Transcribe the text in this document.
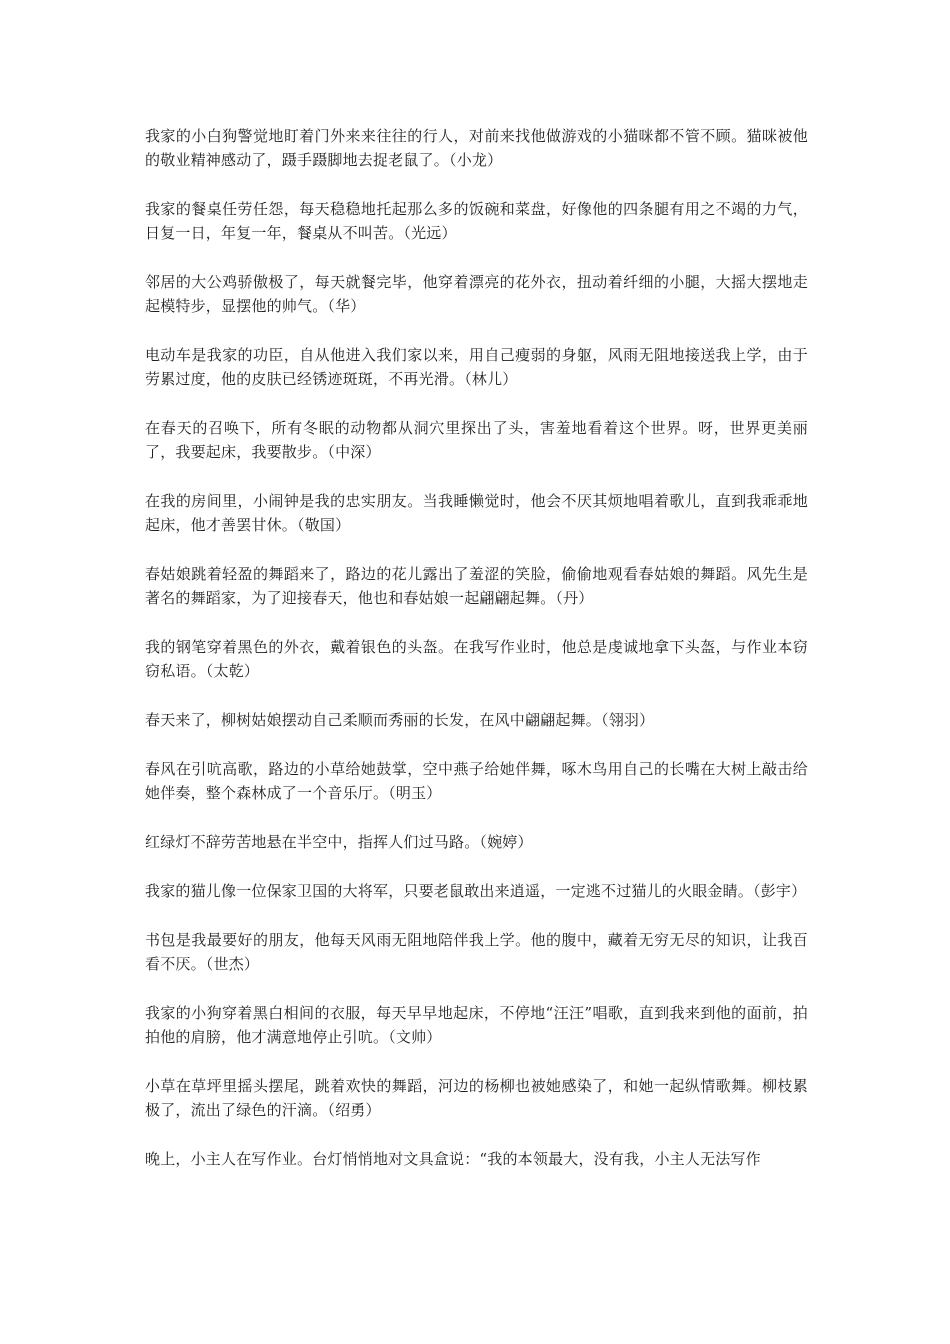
我家的小白狗警觉地盯着门外来来往往的行人，对前来找他做游戏的小猫咪都不管不顾。猫咪被他的敬业精神感动了，蹑手蹑脚地去捉老鼠了。（小龙）

我家的餐桌任劳任怨，每天稳稳地托起那么多的饭碗和菜盘，好像他的四条腿有用之不竭的力气，日复一日，年复一年，餐桌从不叫苦。（光远）

邻居的大公鸡骄傲极了，每天就餐完毕，他穿着漂亮的花外衣，扭动着纤细的小腿，大摇大摆地走起模特步，显摆他的帅气。（华）

电动车是我家的功臣，自从他进入我们家以来，用自己瘦弱的身躯，风雨无阻地接送我上学，由于劳累过度，他的皮肤已经锈迹斑斑，不再光滑。（林儿）

在春天的召唤下，所有冬眠的动物都从洞穴里探出了头，害羞地看着这个世界。呀，世界更美丽了，我要起床，我要散步。（中深）

在我的房间里，小闹钟是我的忠实朋友。当我睡懒觉时，他会不厌其烦地唱着歌儿，直到我乖乖地起床，他才善罢甘休。（敬国）

春姑娘跳着轻盈的舞蹈来了，路边的花儿露出了羞涩的笑脸，偷偷地观看春姑娘的舞蹈。风先生是著名的舞蹈家，为了迎接春天，他也和春姑娘一起翩翩起舞。（丹）

我的钢笔穿着黑色的外衣，戴着银色的头盔。在我写作业时，他总是虔诚地拿下头盔，与作业本窃窃私语。（太乾）

春天来了，柳树姑娘摆动自己柔顺而秀丽的长发，在风中翩翩起舞。（翎羽）

春风在引吭高歌，路边的小草给她鼓掌，空中燕子给她伴舞，啄木鸟用自己的长嘴在大树上敲击给她伴奏，整个森林成了一个音乐厅。（明玉）

红绿灯不辞劳苦地悬在半空中，指挥人们过马路。（婉婷）

我家的猫儿像一位保家卫国的大将军，只要老鼠敢出来逍遥，一定逃不过猫儿的火眼金睛。（彭宇）

书包是我最要好的朋友，他每天风雨无阻地陪伴我上学。他的腹中，藏着无穷无尽的知识，让我百看不厌。（世杰）

我家的小狗穿着黑白相间的衣服，每天早早地起床，不停地“汪汪”唱歌，直到我来到他的面前，拍拍他的肩膀，他才满意地停止引吭。（文帅）

小草在草坪里摇头摆尾，跳着欢快的舞蹈，河边的杨柳也被她感染了，和她一起纵情歌舞。柳枝累极了，流出了绿色的汗滴。（绍勇）

晚上，小主人在写作业。台灯悄悄地对文具盒说：“我的本领最大，没有我，小主人无法写作
